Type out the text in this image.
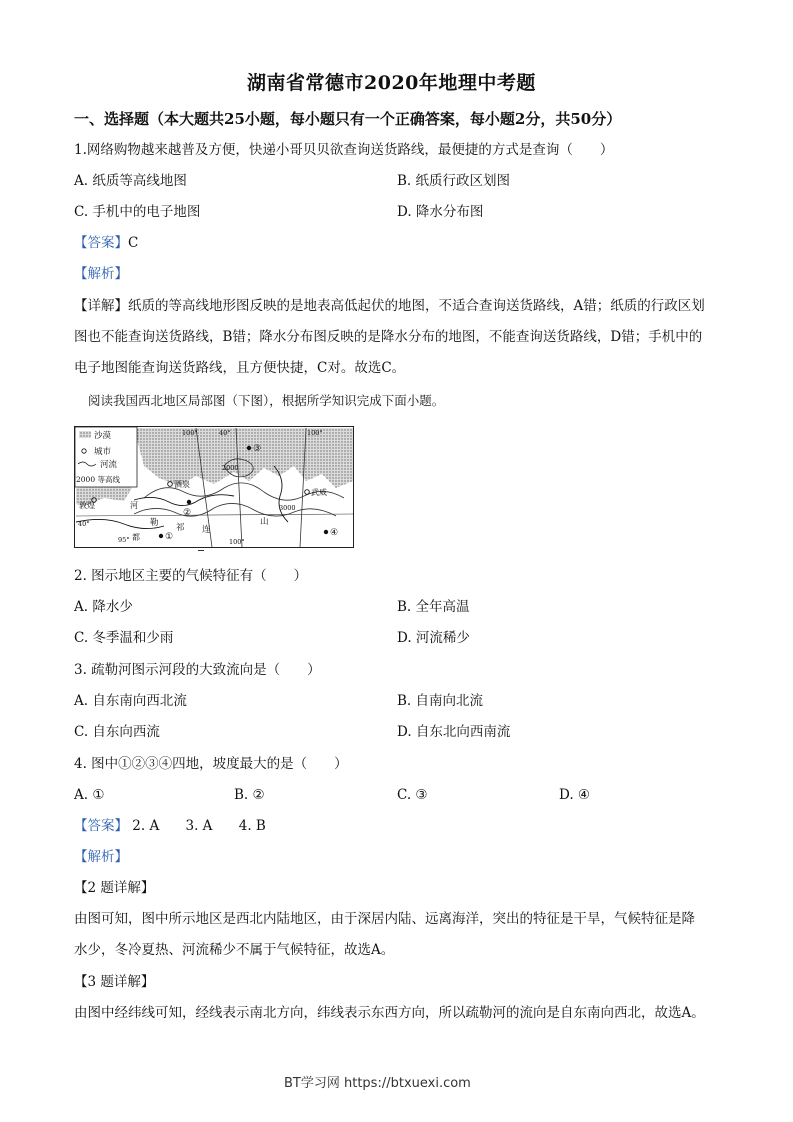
湖南省常德市2020年地理中考题
一、选择题（本大题共25小题，每小题只有一个正确答案，每小题2分，共50分）
1.网络购物越来越普及方便，快递小哥贝贝欲查询送货路线，最便捷的方式是查询（　　）
A. 纸质等高线地图	B. 纸质行政区划图
C. 手机中的电子地图	D. 降水分布图
【答案】C
【解析】
【详解】纸质的等高线地形图反映的是地表高低起伏的地图，不适合查询送货路线，A错；纸质的行政区划
图也不能查询送货路线，B错；降水分布图反映的是降水分布的地图，不能查询送货路线，D错；手机中的
电子地图能查询送货路线，且方便快捷，C对。故选C。
阅读我国西北地区局部图（下图），根据所学知识完成下面小题。
沙漠
城市
河流
2000 等高线
100°	40°	100°
95°	100°
40°
2000
3000
酒泉
武威
敦煌	河
勒 祁 连
山
都	①
②
③
④
2. 图示地区主要的气候特征有（　　）
A. 降水少	B. 全年高温
C. 冬季温和少雨	D. 河流稀少
3. 疏勒河图示河段的大致流向是（　　）
A. 自东南向西北流	B. 自南向北流
C. 自东向西流	D. 自东北向西南流
4. 图中①②③④四地，坡度最大的是（　　）
A. ①	B. ②	C. ③	D. ④
【答案】 2. A 3. A 4. B
【解析】
【2 题详解】
由图可知，图中所示地区是西北内陆地区，由于深居内陆、远离海洋，突出的特征是干旱，气候特征是降
水少，冬冷夏热、河流稀少不属于气候特征，故选A。
【3 题详解】
由图中经纬线可知，经线表示南北方向，纬线表示东西方向，所以疏勒河的流向是自东南向西北，故选A。
BT学习网 https://btxuexi.com
